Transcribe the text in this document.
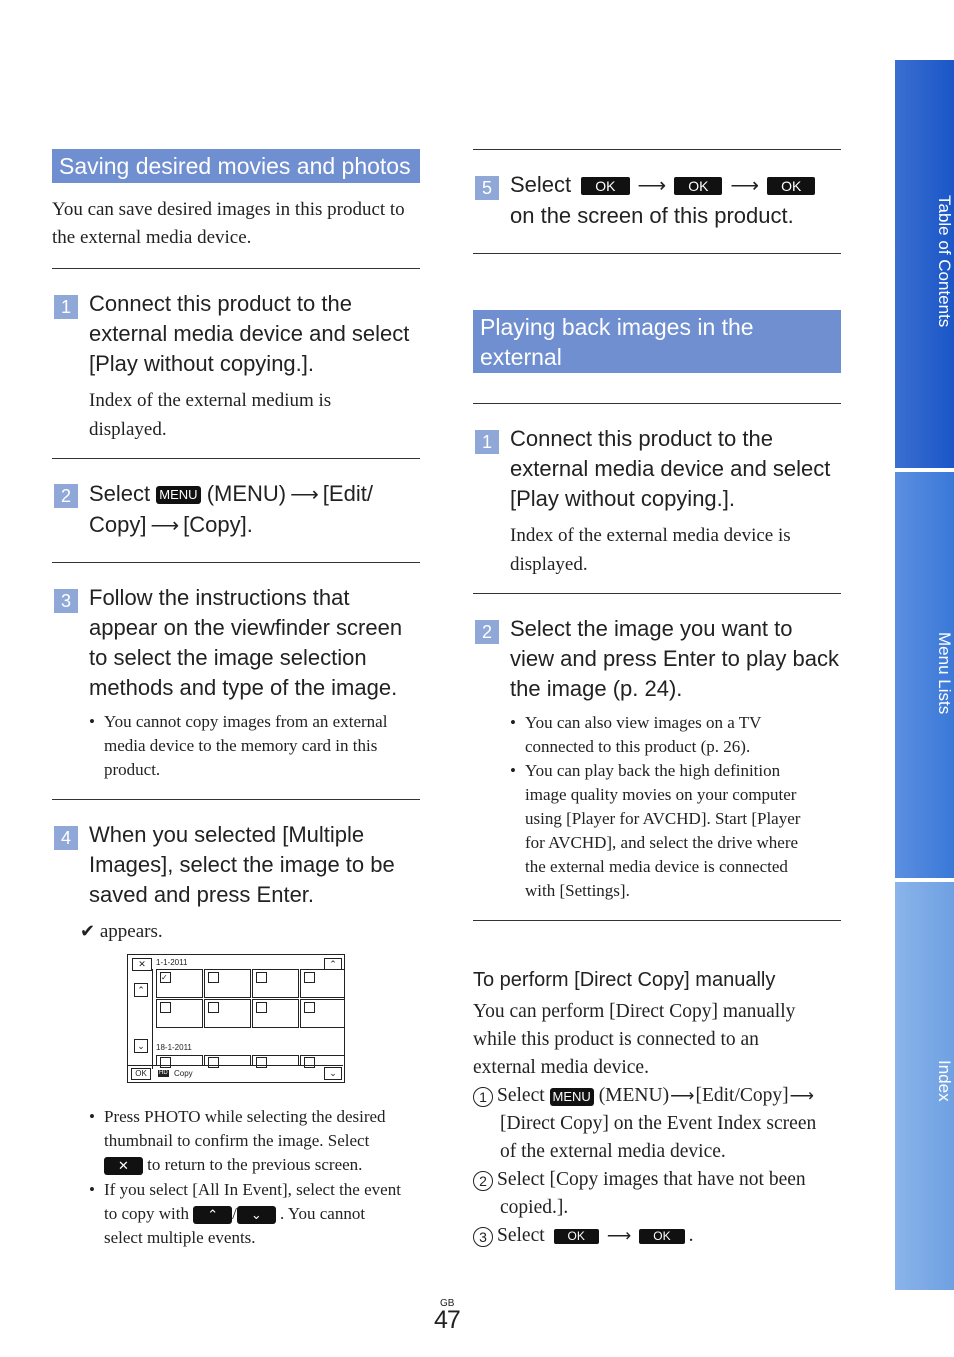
Table of Contents
Menu Lists
Index
Saving desired movies and photos
You can save desired images in this product to the external media device.
1 Connect this product to the
external media device and select
[Play without copying.].
Index of the external medium is
displayed.
2 Select MENU (MENU) ⟶ [Edit/
Copy] ⟶ [Copy].
3 Follow the instructions that
appear on the viewfinder screen
to select the image selection
methods and type of the image.
• You cannot copy images from an external
media device to the memory card in this
product.
4 When you selected [Multiple
Images], select the image to be
saved and press Enter.
✔ appears.
✕	1-1-2011	⌃
⌃
⌄
✓
18-1-2011
OK	HD Copy	⌄
• Press PHOTO while selecting the desired
thumbnail to confirm the image. Select
✕ to return to the previous screen.
• If you select [All In Event], select the event
to copy with ⌃ / ⌄ . You cannot
select multiple events.
5 Select OK ⟶ OK ⟶ OK
on the screen of this product.
Playing back images in the external
media device on this product
1 Connect this product to the
external media device and select
[Play without copying.].
Index of the external media device is
displayed.
2 Select the image you want to
view and press Enter to play back
the image (p. 24).
• You can also view images on a TV
connected to this product (p. 26).
• You can play back the high definition
image quality movies on your computer
using [Player for AVCHD]. Start [Player
for AVCHD], and select the drive where
the external media device is connected
with [Settings].
To perform [Direct Copy] manually
You can perform [Direct Copy] manually
while this product is connected to an
external media device.
1 Select MENU (MENU)⟶[Edit/Copy]⟶
[Direct Copy] on the Event Index screen
of the external media device.
2 Select [Copy images that have not been
copied.].
3 Select OK ⟶ OK .
GB
47
